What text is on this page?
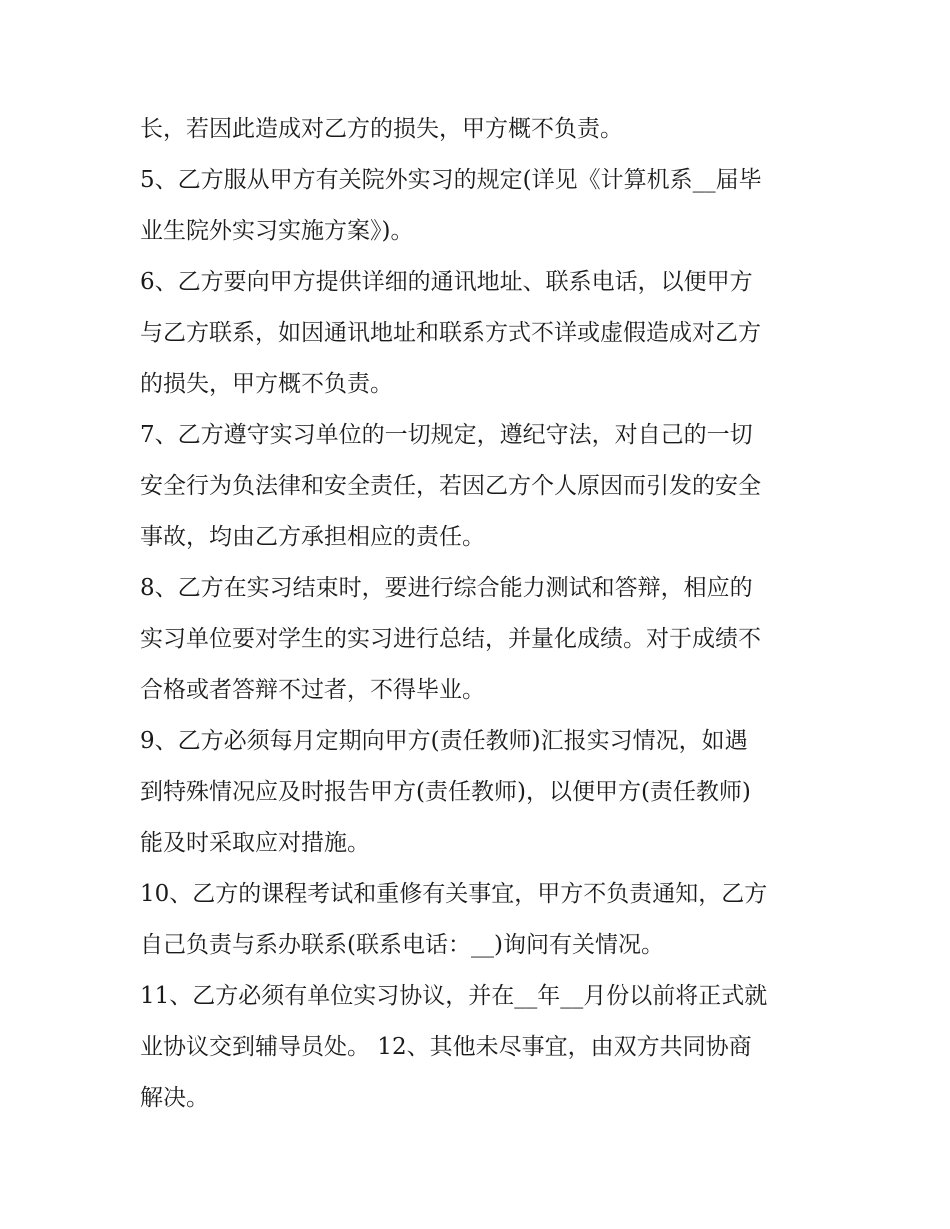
长，若因此造成对乙方的损失，甲方概不负责。
5、乙方服从甲方有关院外实习的规定(详见《计算机系__届毕
业生院外实习实施方案》)。
6、乙方要向甲方提供详细的通讯地址、联系电话，以便甲方
与乙方联系，如因通讯地址和联系方式不详或虚假造成对乙方
的损失，甲方概不负责。
7、乙方遵守实习单位的一切规定，遵纪守法，对自己的一切
安全行为负法律和安全责任，若因乙方个人原因而引发的安全
事故，均由乙方承担相应的责任。
8、乙方在实习结束时，要进行综合能力测试和答辩，相应的
实习单位要对学生的实习进行总结，并量化成绩。对于成绩不
合格或者答辩不过者，不得毕业。
9、乙方必须每月定期向甲方(责任教师)汇报实习情况，如遇
到特殊情况应及时报告甲方(责任教师)，以便甲方(责任教师)
能及时采取应对措施。
10、乙方的课程考试和重修有关事宜，甲方不负责通知，乙方
自己负责与系办联系(联系电话：__)询问有关情况。
11、乙方必须有单位实习协议，并在__年__月份以前将正式就
业协议交到辅导员处。 12、其他未尽事宜，由双方共同协商
解决。
